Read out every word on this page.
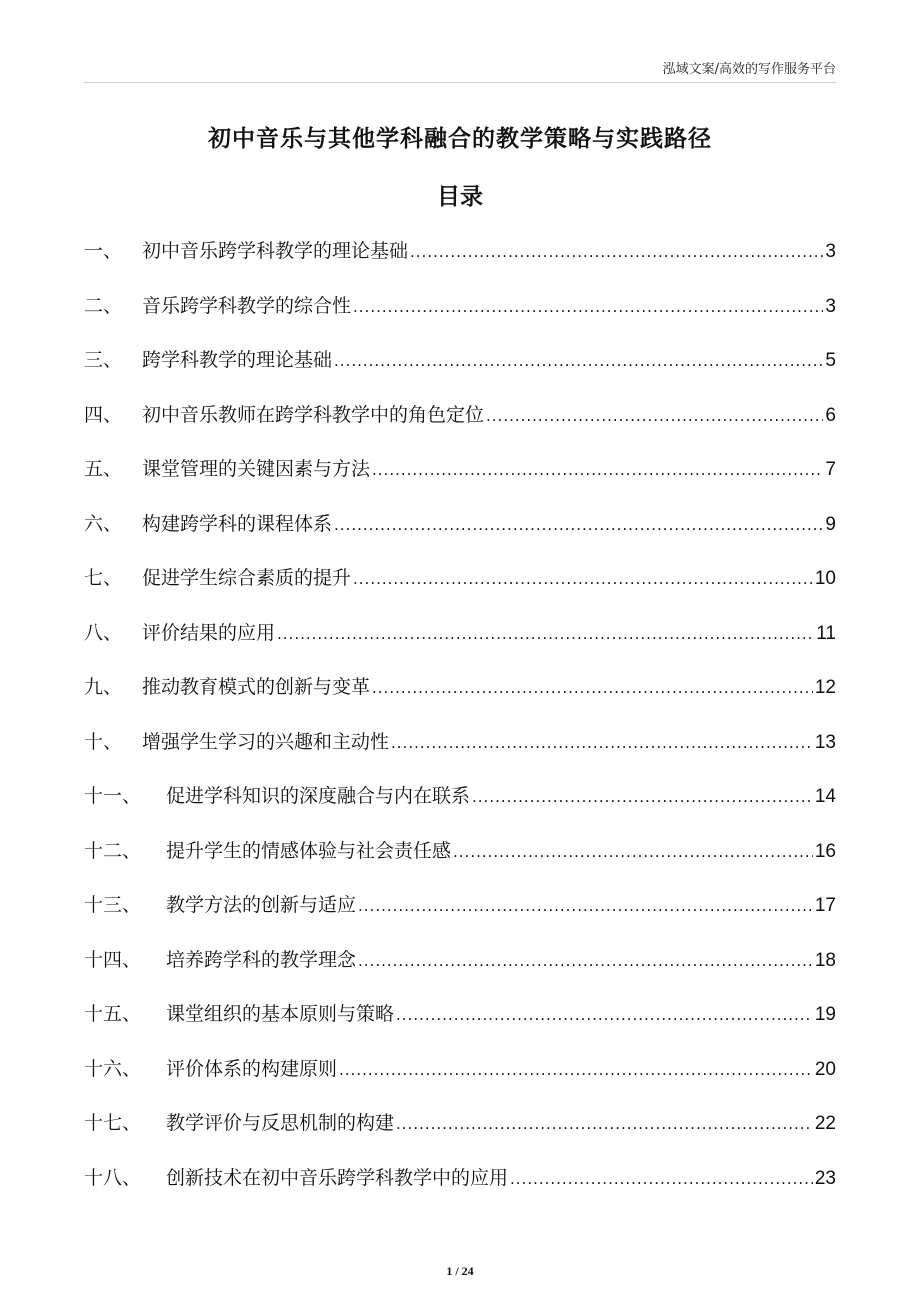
泓域文案/高效的写作服务平台
初中音乐与其他学科融合的教学策略与实践路径
目录
一、	初中音乐跨学科教学的理论基础 .....	3
二、	音乐跨学科教学的综合性 .....	3
三、	跨学科教学的理论基础 .....	5
四、	初中音乐教师在跨学科教学中的角色定位 .....	6
五、	课堂管理的关键因素与方法 .....	7
六、	构建跨学科的课程体系 .....	9
七、	促进学生综合素质的提升 .....	10
八、	评价结果的应用 .....	11
九、	推动教育模式的创新与变革 .....	12
十、	增强学生学习的兴趣和主动性 .....	13
十一、	促进学科知识的深度融合与内在联系 .....	14
十二、	提升学生的情感体验与社会责任感 .....	16
十三、	教学方法的创新与适应 .....	17
十四、	培养跨学科的教学理念 .....	18
十五、	课堂组织的基本原则与策略 .....	19
十六、	评价体系的构建原则 .....	20
十七、	教学评价与反思机制的构建 .....	22
十八、	创新技术在初中音乐跨学科教学中的应用 .....	23
1 / 24
